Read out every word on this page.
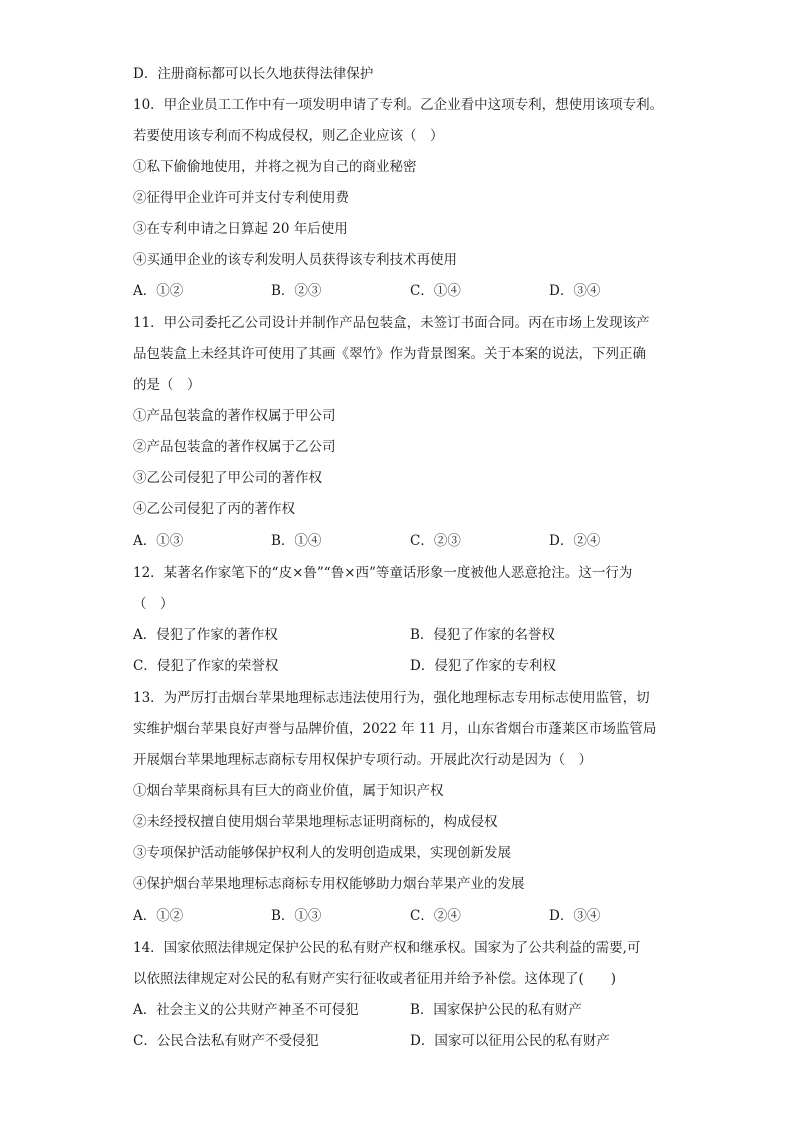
D．注册商标都可以长久地获得法律保护
10．甲企业员工工作中有一项发明申请了专利。乙企业看中这项专利，想使用该项专利。
若要使用该专利而不构成侵权，则乙企业应该（　）
①私下偷偷地使用，并将之视为自己的商业秘密
②征得甲企业许可并支付专利使用费
③在专利申请之日算起 20 年后使用
④买通甲企业的该专利发明人员获得该专利技术再使用
A．①②	B．②③	C．①④	D．③④
11．甲公司委托乙公司设计并制作产品包装盒，未签订书面合同。丙在市场上发现该产
品包装盒上未经其许可使用了其画《翠竹》作为背景图案。关于本案的说法，下列正确
的是（　）
①产品包装盒的著作权属于甲公司
②产品包装盒的著作权属于乙公司
③乙公司侵犯了甲公司的著作权
④乙公司侵犯了丙的著作权
A．①③	B．①④	C．②③	D．②④
12．某著名作家笔下的“皮×鲁”“鲁×西”等童话形象一度被他人恶意抢注。这一行为
（　）
A．侵犯了作家的著作权	B．侵犯了作家的名誉权
C．侵犯了作家的荣誉权	D．侵犯了作家的专利权
13．为严厉打击烟台苹果地理标志违法使用行为，强化地理标志专用标志使用监管，切
实维护烟台苹果良好声誉与品牌价值，2022 年 11 月，山东省烟台市蓬莱区市场监管局
开展烟台苹果地理标志商标专用权保护专项行动。开展此次行动是因为（　）
①烟台苹果商标具有巨大的商业价值，属于知识产权
②未经授权擅自使用烟台苹果地理标志证明商标的，构成侵权
③专项保护活动能够保护权利人的发明创造成果，实现创新发展
④保护烟台苹果地理标志商标专用权能够助力烟台苹果产业的发展
A．①②	B．①③	C．②④	D．③④
14．国家依照法律规定保护公民的私有财产权和继承权。国家为了公共利益的需要,可
以依照法律规定对公民的私有财产实行征收或者征用并给予补偿。这体现了(　　)
A．社会主义的公共财产神圣不可侵犯	B．国家保护公民的私有财产
C．公民合法私有财产不受侵犯	D．国家可以征用公民的私有财产
